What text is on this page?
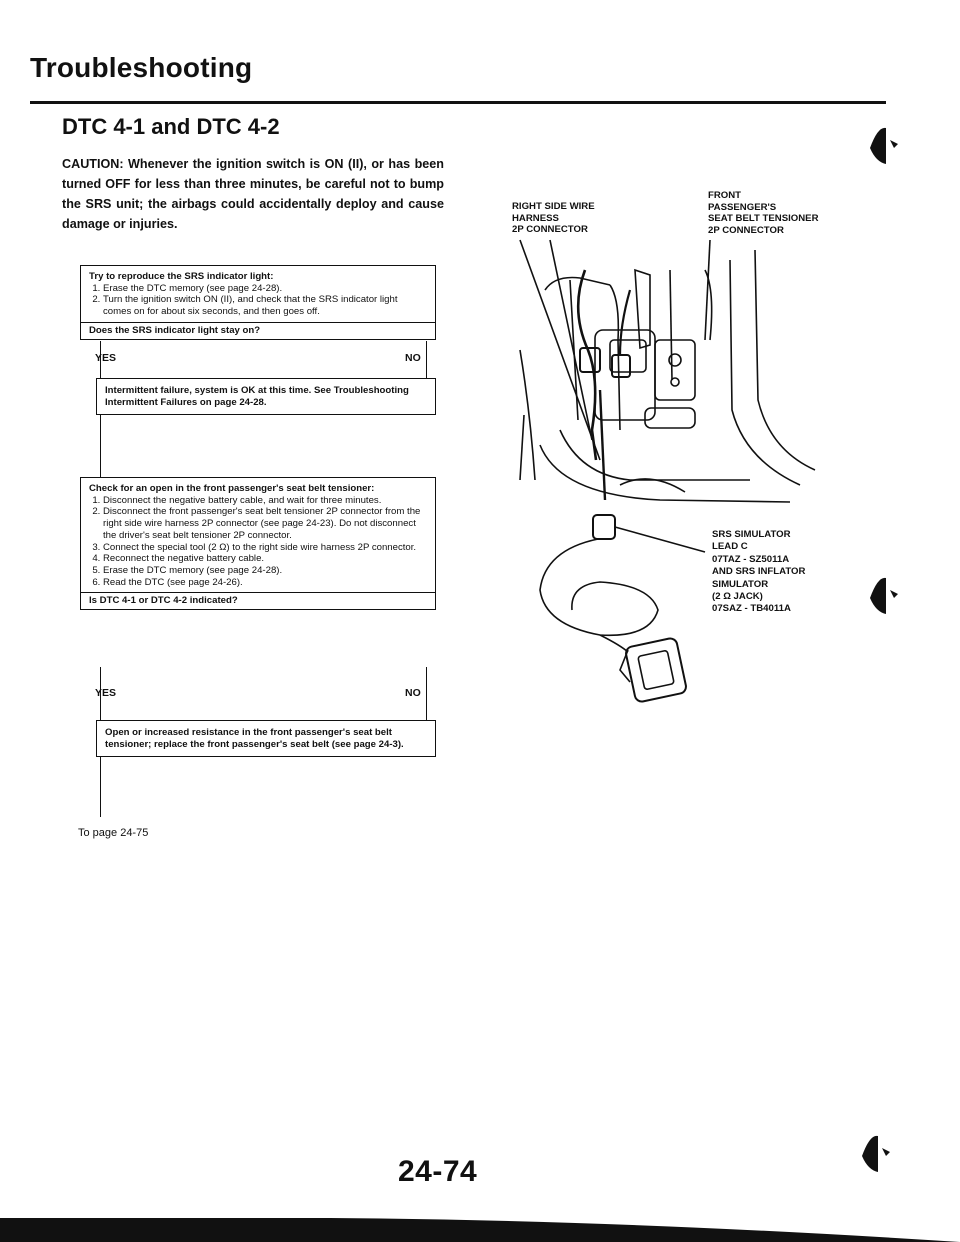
Troubleshooting
DTC 4-1 and DTC 4-2
CAUTION: Whenever the ignition switch is ON (II), or has been turned OFF for less than three minutes, be careful not to bump the SRS unit; the airbags could accidentally deploy and cause damage or injuries.
Try to reproduce the SRS indicator light:
1. Erase the DTC memory (see page 24-28).
2. Turn the ignition switch ON (II), and check that the SRS indicator light comes on for about six seconds, and then goes off.
Does the SRS indicator light stay on?
YES	NO
Intermittent failure, system is OK at this time. See Troubleshooting Intermittent Failures on page 24-28.
Check for an open in the front passenger's seat belt tensioner:
1. Disconnect the negative battery cable, and wait for three minutes.
2. Disconnect the front passenger's seat belt tensioner 2P connector from the right side wire harness 2P connector (see page 24-23). Do not disconnect the driver's seat belt tensioner 2P connector.
3. Connect the special tool (2 Ω) to the right side wire harness 2P connector.
4. Reconnect the negative battery cable.
5. Erase the DTC memory (see page 24-28).
6. Read the DTC (see page 24-26).
Is DTC 4-1 or DTC 4-2 indicated?
YES	NO
Open or increased resistance in the front passenger's seat belt tensioner; replace the front passenger's seat belt (see page 24-3).
To page 24-75
RIGHT SIDE WIRE
HARNESS
2P CONNECTOR
FRONT
PASSENGER'S
SEAT BELT TENSIONER
2P CONNECTOR
SRS SIMULATOR
LEAD C
07TAZ - SZ5011A
AND SRS INFLATOR
SIMULATOR
(2 Ω JACK)
07SAZ - TB4011A
24-74
